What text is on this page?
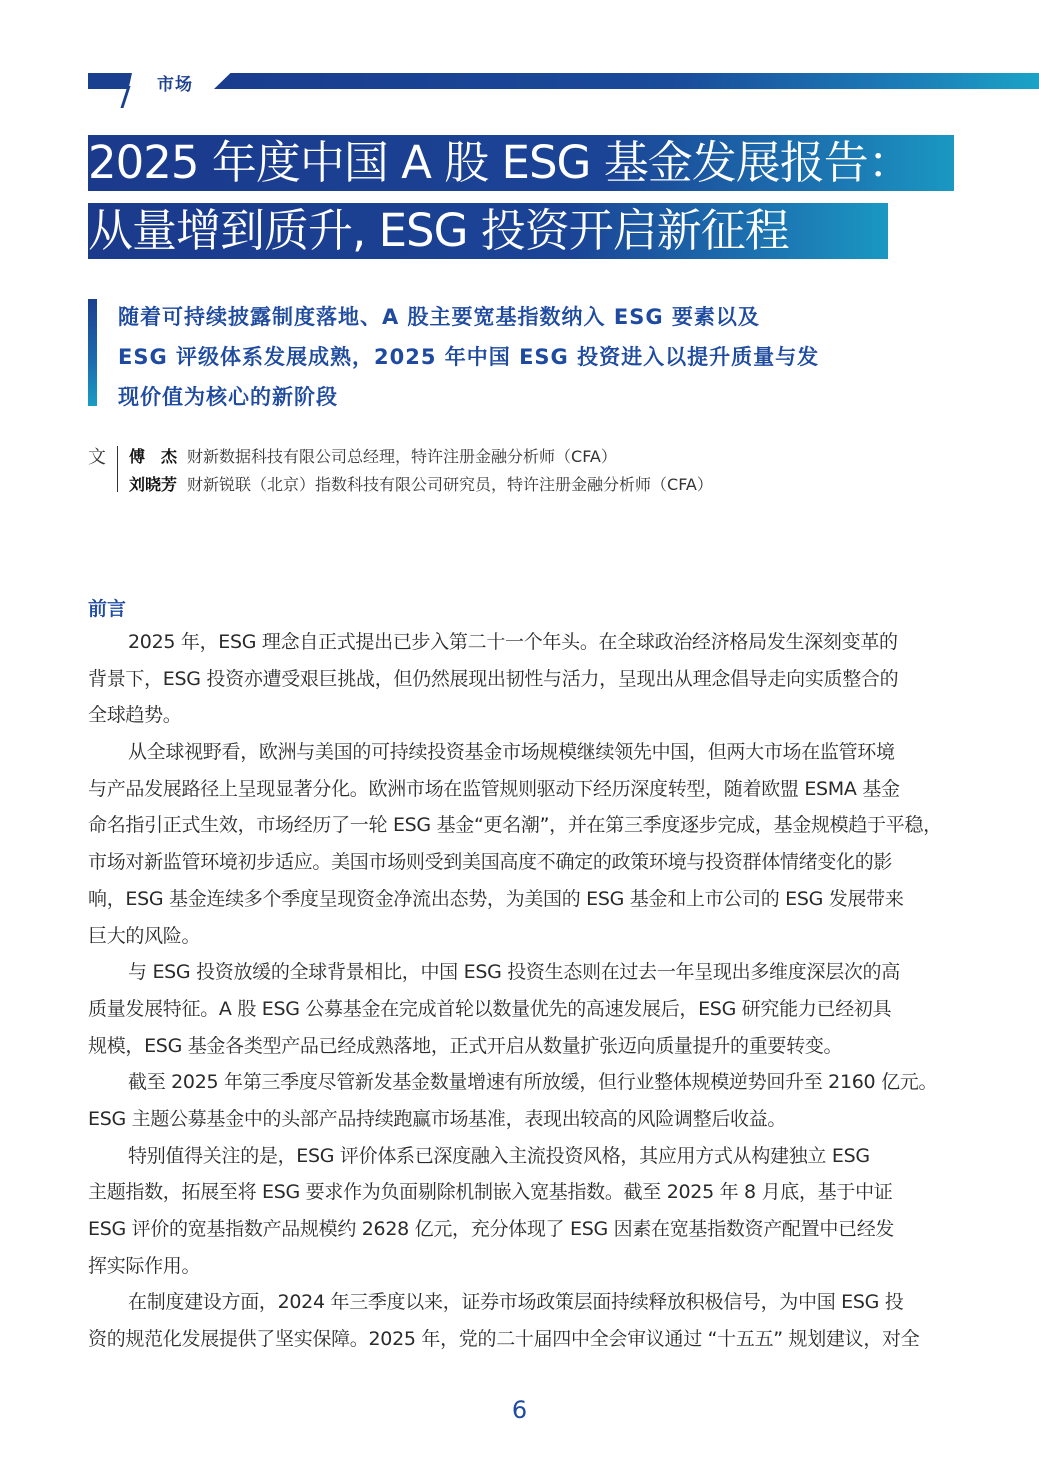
市场
2025 年度中国 A 股 ESG 基金发展报告：
从量增到质升, ESG 投资开启新征程
随着可持续披露制度落地、A 股主要宽基指数纳入 ESG 要素以及
ESG 评级体系发展成熟，2025 年中国 ESG 投资进入以提升质量与发
现价值为核心的新阶段
文 傅　杰 财新数据科技有限公司总经理，特许注册金融分析师（CFA）
刘晓芳 财新锐联（北京）指数科技有限公司研究员，特许注册金融分析师（CFA）
前言
2025 年，ESG 理念自正式提出已步入第二十一个年头。在全球政治经济格局发生深刻变革的
背景下，ESG 投资亦遭受艰巨挑战，但仍然展现出韧性与活力，呈现出从理念倡导走向实质整合的
全球趋势。
从全球视野看，欧洲与美国的可持续投资基金市场规模继续领先中国，但两大市场在监管环境
与产品发展路径上呈现显著分化。欧洲市场在监管规则驱动下经历深度转型，随着欧盟 ESMA 基金
命名指引正式生效，市场经历了一轮 ESG 基金“更名潮”，并在第三季度逐步完成，基金规模趋于平稳，
市场对新监管环境初步适应。美国市场则受到美国高度不确定的政策环境与投资群体情绪变化的影
响，ESG 基金连续多个季度呈现资金净流出态势，为美国的 ESG 基金和上市公司的 ESG 发展带来
巨大的风险。
与 ESG 投资放缓的全球背景相比，中国 ESG 投资生态则在过去一年呈现出多维度深层次的高
质量发展特征。A 股 ESG 公募基金在完成首轮以数量优先的高速发展后，ESG 研究能力已经初具
规模，ESG 基金各类型产品已经成熟落地，正式开启从数量扩张迈向质量提升的重要转变。
截至 2025 年第三季度尽管新发基金数量增速有所放缓，但行业整体规模逆势回升至 2160 亿元。
ESG 主题公募基金中的头部产品持续跑赢市场基准，表现出较高的风险调整后收益。
特别值得关注的是，ESG 评价体系已深度融入主流投资风格，其应用方式从构建独立 ESG
主题指数，拓展至将 ESG 要求作为负面剔除机制嵌入宽基指数。截至 2025 年 8 月底，基于中证
ESG 评价的宽基指数产品规模约 2628 亿元，充分体现了 ESG 因素在宽基指数资产配置中已经发
挥实际作用。
在制度建设方面，2024 年三季度以来，证券市场政策层面持续释放积极信号，为中国 ESG 投
资的规范化发展提供了坚实保障。2025 年，党的二十届四中全会审议通过 “十五五” 规划建议，对全
6
